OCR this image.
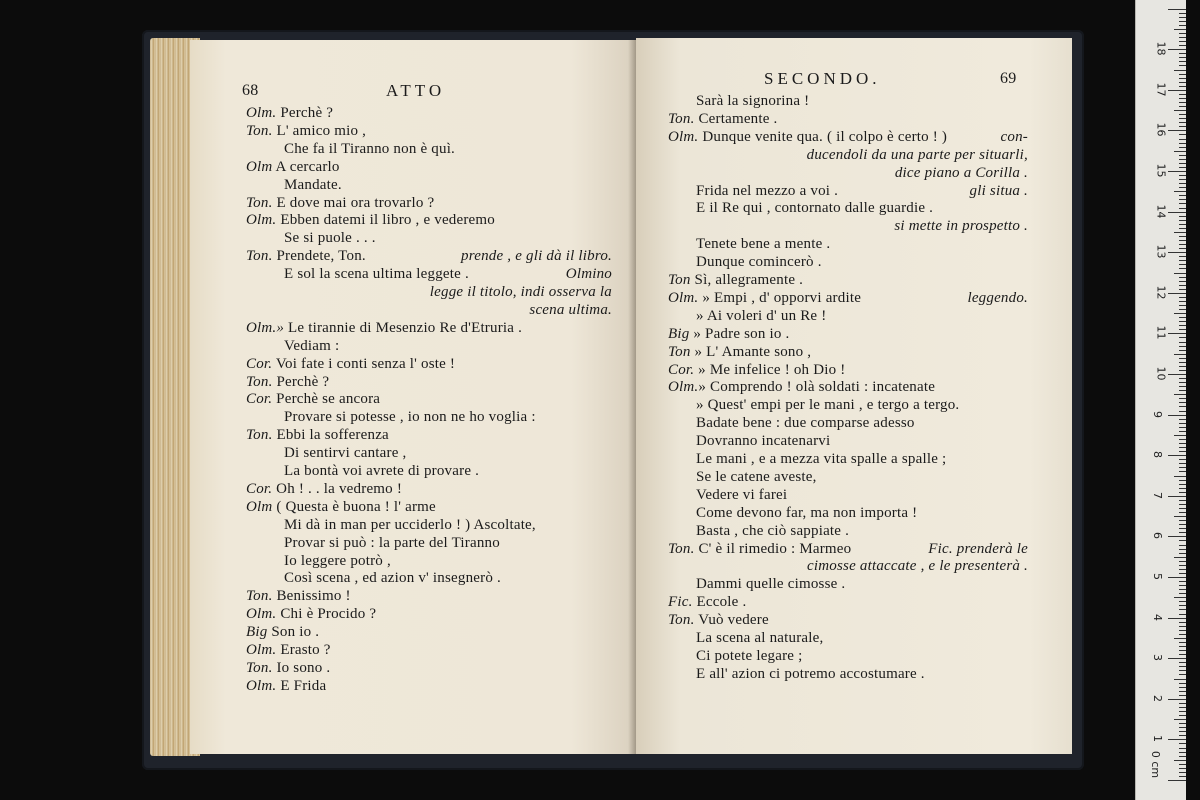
68	ATTO
Olm. Perchè ?
Ton. L' amico mio ,
Che fa il Tiranno non è quì.
Olm A cercarlo
Mandate.
Ton. E dove mai ora trovarlo ?
Olm. Ebben datemi il libro , e vederemo
Se si puole . . .
Ton. Prendete, Ton.	prende , e gli dà il libro.
E sol la scena ultima leggete .	Olmino
legge il titolo, indi osserva la
scena ultima.
Olm.» Le tirannie di Mesenzio Re d'Etruria .
Vediam :
Cor. Voi fate i conti senza l' oste !
Ton. Perchè ?
Cor. Perchè se ancora
Provare si potesse , io non ne ho voglia :
Ton. Ebbi la sofferenza
Di sentirvi cantare ,
La bontà voi avrete di provare .
Cor. Oh ! . . la vedremo !
Olm ( Questa è buona ! l' arme
Mi dà in man per ucciderlo ! ) Ascoltate,
Provar si può : la parte del Tiranno
Io leggere potrò ,
Così scena , ed azion v' insegnerò .
Ton. Benissimo !
Olm. Chi è Procido ?
Big Son io .
Olm. Erasto ?
Ton. Io sono .
Olm. E Frida
SECONDO.	69
Sarà la signorina !
Ton. Certamente .
Olm. Dunque venite qua. ( il colpo è certo ! )	con-
ducendoli da una parte per situarli,
dice piano a Corilla .
Frida nel mezzo a voi .	gli situa .
E il Re qui , contornato dalle guardie .
si mette in prospetto .
Tenete bene a mente .
Dunque comincerò .
Ton Sì, allegramente .
Olm. » Empi , d' opporvi ardite	leggendo.
» Ai voleri d' un Re !
Big » Padre son io .
Ton » L' Amante sono ,
Cor. » Me infelice ! oh Dio !
Olm.» Comprendo ! olà soldati : incatenate
» Quest' empi per le mani , e tergo a tergo.
Badate bene : due comparse adesso
Dovranno incatenarvi
Le mani , e a mezza vita spalle a spalle ;
Se le catene aveste,
Vedere vi farei
Come devono far, ma non importa !
Basta , che ciò sappiate .
Ton. C' è il rimedio : Marmeo	Fic. prenderà le
cimosse attaccate , e le presenterà .
Dammi quelle cimosse .
Fic. Eccole .
Ton. Vuò vedere
La scena al naturale,
Ci potete legare ;
E all' azion ci potremo accostumare .
0 cm
1
2
3
4
5
6
7
8
9
10
11
12
13
14
15
16
17
18
